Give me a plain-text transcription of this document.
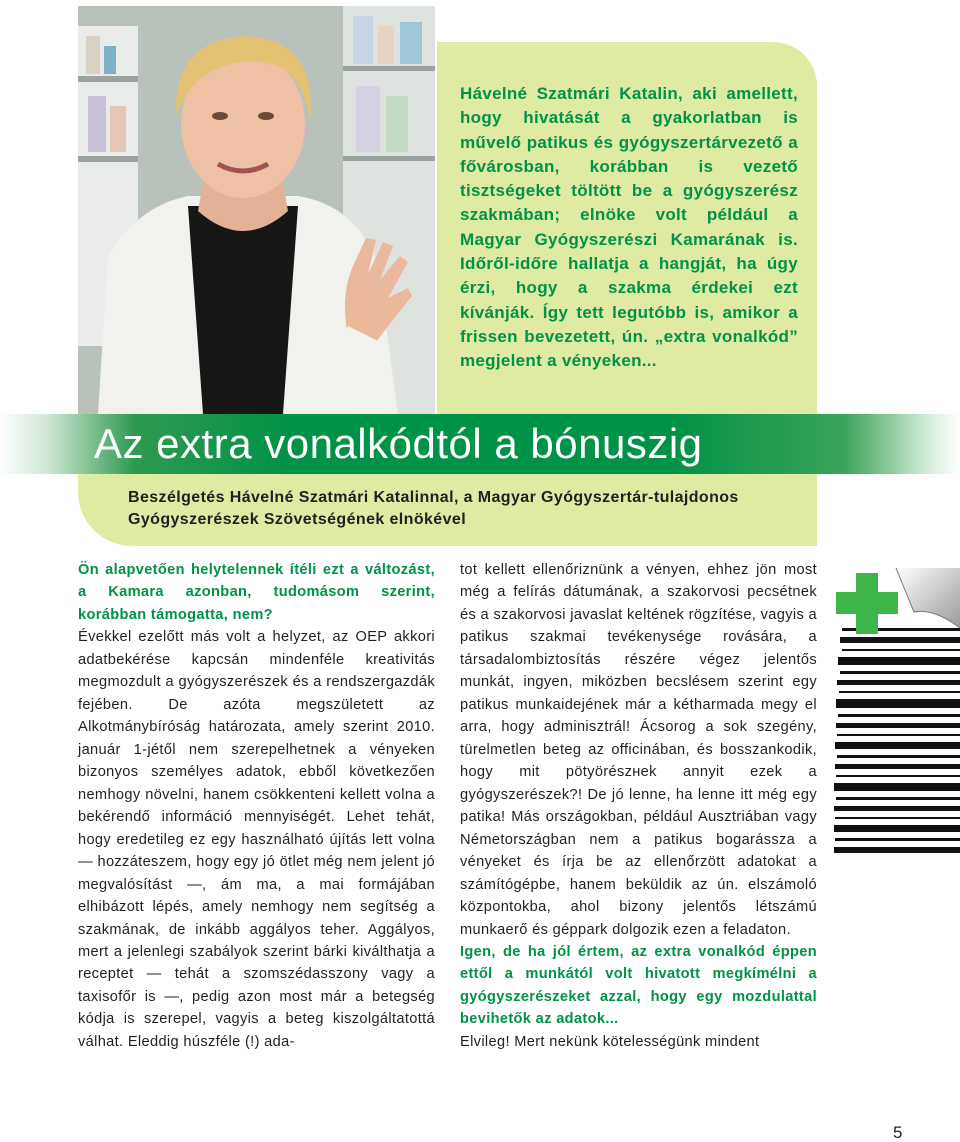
Hávelné Szatmári Katalin, aki amellett, hogy hivatását a gyakorlatban is művelő patikus és gyógyszertárvezető a fővárosban, korábban is vezető tisztségeket töltött be a gyógyszerész szakmában; elnöke volt például a Magyar Gyógyszerészi Kamarának is. Időről-időre hallatja a hangját, ha úgy érzi, hogy a szakma érdekei ezt kívánják. Így tett legutóbb is, amikor a frissen bevezetett, ún. „extra vonalkód” megjelent a vényeken...
Az extra vonalkódtól a bónuszig
Beszélgetés Hávelné Szatmári Katalinnal, a Magyar Gyógyszertár-tulajdonos Gyógyszerészek Szövetségének elnökével

Ön alapvetően helytelennek ítéli ezt a változást, a Kamara azonban, tudomásom szerint, korábban támogatta, nem?

Évekkel ezelőtt más volt a helyzet, az OEP akkori adatbekérése kapcsán mindenféle kreativitás megmozdult a gyógyszerészek és a rendszergazdák fejében. De azóta megszületett az Alkotmánybíróság határozata, amely szerint 2010. január 1-jétől nem szerepelhetnek a vényeken bizonyos személyes adatok, ebből következően nemhogy növelni, hanem csökkenteni kellett volna a bekérendő információ mennyiségét. Lehet tehát, hogy eredetileg ez egy használható újítás lett volna — hozzáteszem, hogy egy jó ötlet még nem jelent jó megvalósítást —, ám ma, a mai formájában elhibázott lépés, amely nemhogy nem segítség a szakmának, de inkább aggályos teher. Aggályos, mert a jelenlegi szabályok szerint bárki kiválthatja a receptet — tehát a szomszédasszony vagy a taxisofőr is —, pedig azon most már a betegség kódja is szerepel, vagyis a beteg kiszolgáltatottá válhat. Eleddig húszféle (!) ada-

tot kellett ellenőriznünk a vényen, ehhez jön most még a felírás dátumának, a szakorvosi pecsétnek és a szakorvosi javaslat keltének rögzítése, vagyis a patikus szakmai tevékenysége rovására, a társadalombiztosítás részére végez jelentős munkát, ingyen, miközben becslésem szerint egy patikus munkaidejének már a kétharmada megy el arra, hogy adminisztrál! Ácsorog a sok szegény, türelmetlen beteg az officinában, és bosszankodik, hogy mit pötyörészнek annyit ezek a gyógyszerészek?! De jó lenne, ha lenne itt még egy patika! Más országokban, például Ausztriában vagy Németországban nem a patikus bogarássza a vényeket és írja be az ellenőrzött adatokat a számítógépbe, hanem beküldik az ún. elszámoló központokba, ahol bizony jelentős létszámú munkaerő és géppark dolgozik ezen a feladaton.

Igen, de ha jól értem, az extra vonalkód éppen ettől a munkától volt hivatott megkímélni a gyógyszerészeket azzal, hogy egy mozdulattal bevihetők az adatok...

Elvileg! Mert nekünk kötelességünk mindent

5
